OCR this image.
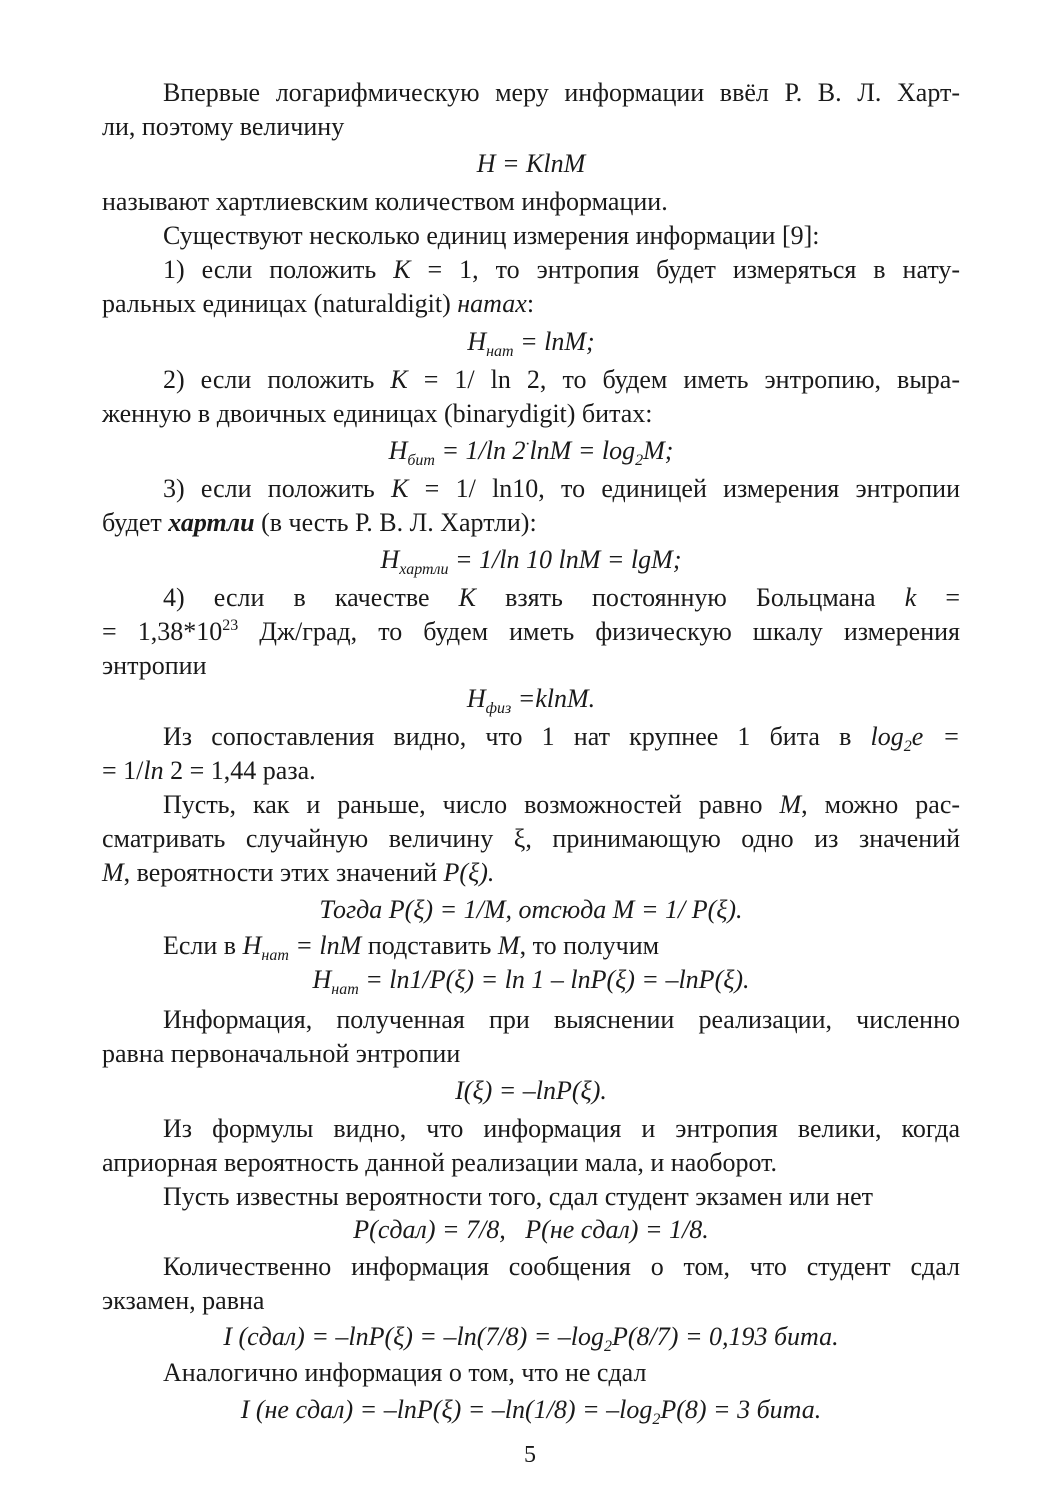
Впервые логарифмическую меру информации ввёл Р. В. Л. Харт-
ли, поэтому величину
H = KlnM
называют хартлиевским количеством информации.
Существуют несколько единиц измерения информации [9]:
1) если положить K = 1, то энтропия будет измеряться в нату-
ральных единицах (naturaldigit) натах:
$H_{нат} = \ln M$;
2) если положить K = 1/ ln 2, то будем иметь энтропию, выра-
женную в двоичных единицах (binarydigit) битах:
$H_{бит} = 1/\ln$ $2^\cdot\ln M = \log_2M$;
3) если положить K = 1/ ln10, то единицей измерения энтропии
будет хартли (в честь Р. В. Л. Хартли):
$H_{хартли} = 1/\ln$ 10 lnM = lgM;
4) если в качестве K взять постоянную Больцмана k =
= $1,38*10^{23}$ Дж/град, то будем иметь физическую шкалу измерения
энтропии
$H_{физ} =klnM$.
Из сопоставления видно, что 1 нат крупнее 1 бита в $\log_2e$ =
= 1/ln 2 = 1,44 раза.
Пусть, как и раньше, число возможностей равно M, можно рас-
сматривать случайную величину ξ, принимающую одно из значений
M, вероятности этих значений P(ξ).
Тогда P(ξ) = 1/M, отсюда M = 1/ P(ξ).
Если в $H_{нат} = \ln M$ подставить M, то получим
$H_{нат} = \ln 1/P(\xi) = \ln 1 - \ln P(\xi) = -\ln P(\xi)$.
Информация, полученная при выяснении реализации, численно
равна первоначальной энтропии
I(ξ) = –lnP(ξ).
Из формулы видно, что информация и энтропия велики, когда
априорная вероятность данной реализации мала, и наоборот.
Пусть известны вероятности того, сдал студент экзамен или нет
P(сдал) = 7/8,   P(не сдал) = 1/8.
Количественно информация сообщения о том, что студент сдал
экзамен, равна
I (сдал) = $-\ln P(\xi) = -\ln(7/8) = -\log_2P(8/7) = 0,193$ бита.
Аналогично информация о том, что не сдал
I (не сдал) = $-\ln P(\xi) = -\ln(1/8) = -\log_2P(8) = 3$ бита.
5
